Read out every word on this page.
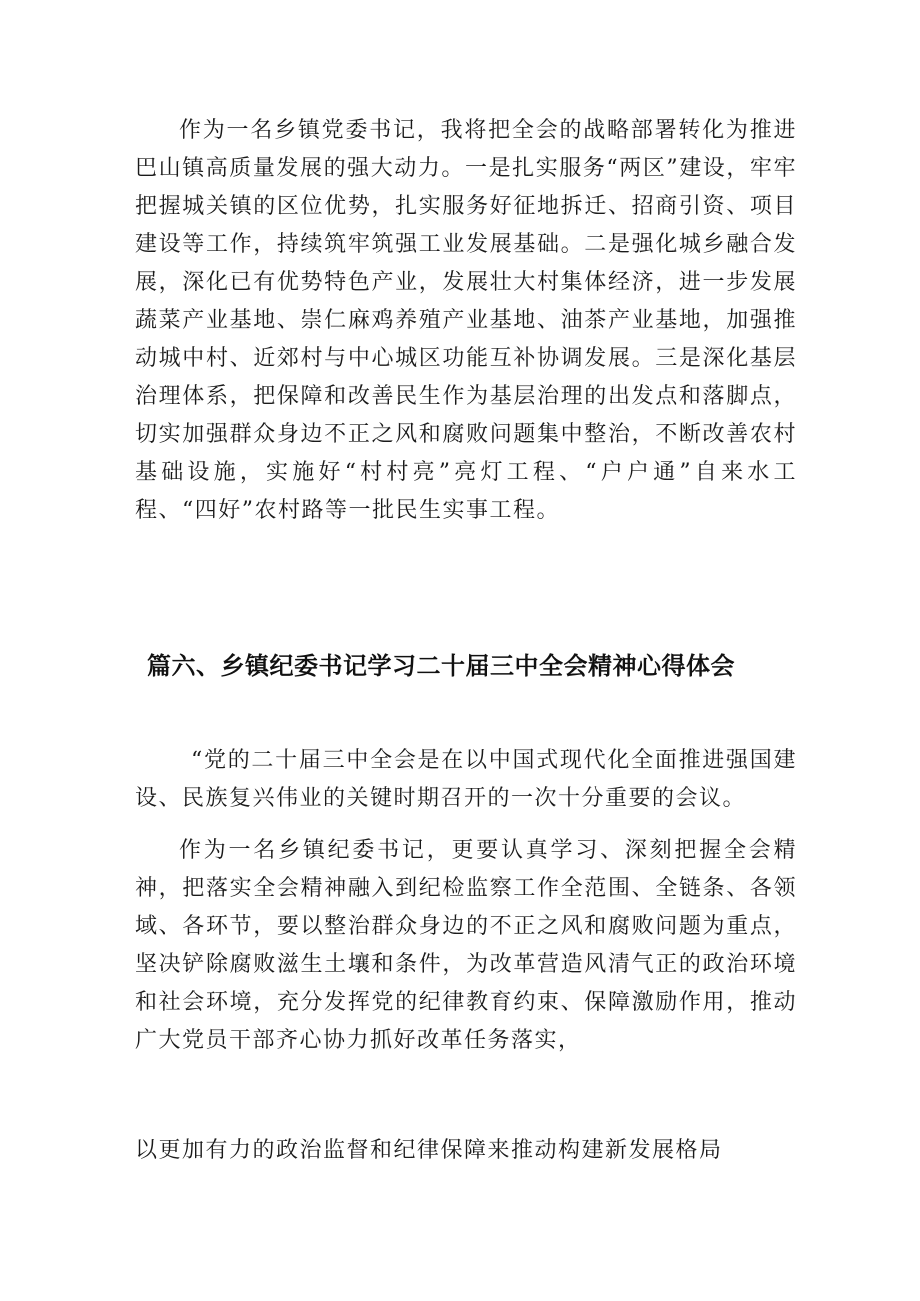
作为一名乡镇党委书记，我将把全会的战略部署转化为推进巴山镇高质量发展的强大动力。一是扎实服务“两区”建设，牢牢把握城关镇的区位优势，扎实服务好征地拆迁、招商引资、项目建设等工作，持续筑牢筑强工业发展基础。二是强化城乡融合发展，深化已有优势特色产业，发展壮大村集体经济，进一步发展蔬菜产业基地、崇仁麻鸡养殖产业基地、油茶产业基地，加强推动城中村、近郊村与中心城区功能互补协调发展。三是深化基层治理体系，把保障和改善民生作为基层治理的出发点和落脚点，切实加强群众身边不正之风和腐败问题集中整治，不断改善农村基础设施，实施好“村村亮”亮灯工程、“户户通”自来水工程、“四好”农村路等一批民生实事工程。

篇六、乡镇纪委书记学习二十届三中全会精神心得体会

“党的二十届三中全会是在以中国式现代化全面推进强国建设、民族复兴伟业的关键时期召开的一次十分重要的会议。

作为一名乡镇纪委书记，更要认真学习、深刻把握全会精神，把落实全会精神融入到纪检监察工作全范围、全链条、各领域、各环节，要以整治群众身边的不正之风和腐败问题为重点，坚决铲除腐败滋生土壤和条件，为改革营造风清气正的政治环境和社会环境，充分发挥党的纪律教育约束、保障激励作用，推动广大党员干部齐心协力抓好改革任务落实，

以更加有力的政治监督和纪律保障来推动构建新发展格局
